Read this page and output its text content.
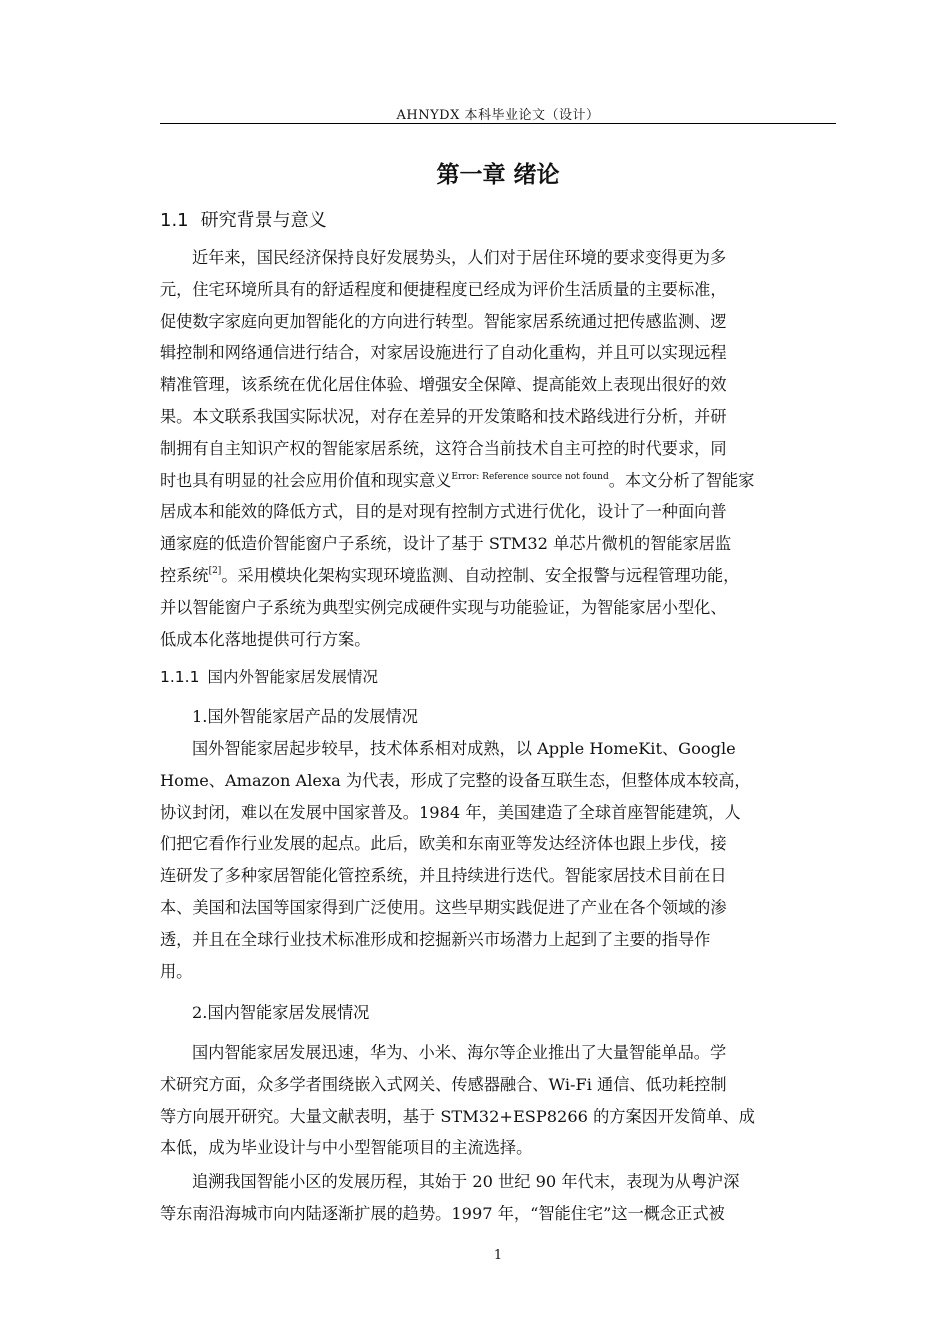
AHNYDX 本科毕业论文（设计）
第一章 绪论
1.1 研究背景与意义
近年来，国民经济保持良好发展势头，人们对于居住环境的要求变得更为多
元，住宅环境所具有的舒适程度和便捷程度已经成为评价生活质量的主要标准，
促使数字家庭向更加智能化的方向进行转型。智能家居系统通过把传感监测、逻
辑控制和网络通信进行结合，对家居设施进行了自动化重构，并且可以实现远程
精准管理，该系统在优化居住体验、增强安全保障、提高能效上表现出很好的效
果。本文联系我国实际状况，对存在差异的开发策略和技术路线进行分析，并研
制拥有自主知识产权的智能家居系统，这符合当前技术自主可控的时代要求，同
时也具有明显的社会应用价值和现实意义$^{Error: Reference source not found}$。本文分析了智能家
居成本和能效的降低方式，目的是对现有控制方式进行优化，设计了一种面向普
通家庭的低造价智能窗户子系统，设计了基于 STM32 单芯片微机的智能家居监
控系统[2]。采用模块化架构实现环境监测、自动控制、安全报警与远程管理功能，
并以智能窗户子系统为典型实例完成硬件实现与功能验证，为智能家居小型化、
低成本化落地提供可行方案。
1.1.1 国内外智能家居发展情况
1.国外智能家居产品的发展情况
国外智能家居起步较早，技术体系相对成熟，以 Apple HomeKit、Google
Home、Amazon Alexa 为代表，形成了完整的设备互联生态，但整体成本较高，
协议封闭，难以在发展中国家普及。1984 年，美国建造了全球首座智能建筑，人
们把它看作行业发展的起点。此后，欧美和东南亚等发达经济体也跟上步伐，接
连研发了多种家居智能化管控系统，并且持续进行迭代。智能家居技术目前在日
本、美国和法国等国家得到广泛使用。这些早期实践促进了产业在各个领域的渗
透，并且在全球行业技术标准形成和挖掘新兴市场潜力上起到了主要的指导作
用。
2.国内智能家居发展情况
国内智能家居发展迅速，华为、小米、海尔等企业推出了大量智能单品。学
术研究方面，众多学者围绕嵌入式网关、传感器融合、Wi-Fi 通信、低功耗控制
等方向展开研究。大量文献表明，基于 STM32+ESP8266 的方案因开发简单、成
本低，成为毕业设计与中小型智能项目的主流选择。
追溯我国智能小区的发展历程，其始于 20 世纪 90 年代末，表现为从粤沪深
等东南沿海城市向内陆逐渐扩展的趋势。1997 年，“智能住宅”这一概念正式被
1
